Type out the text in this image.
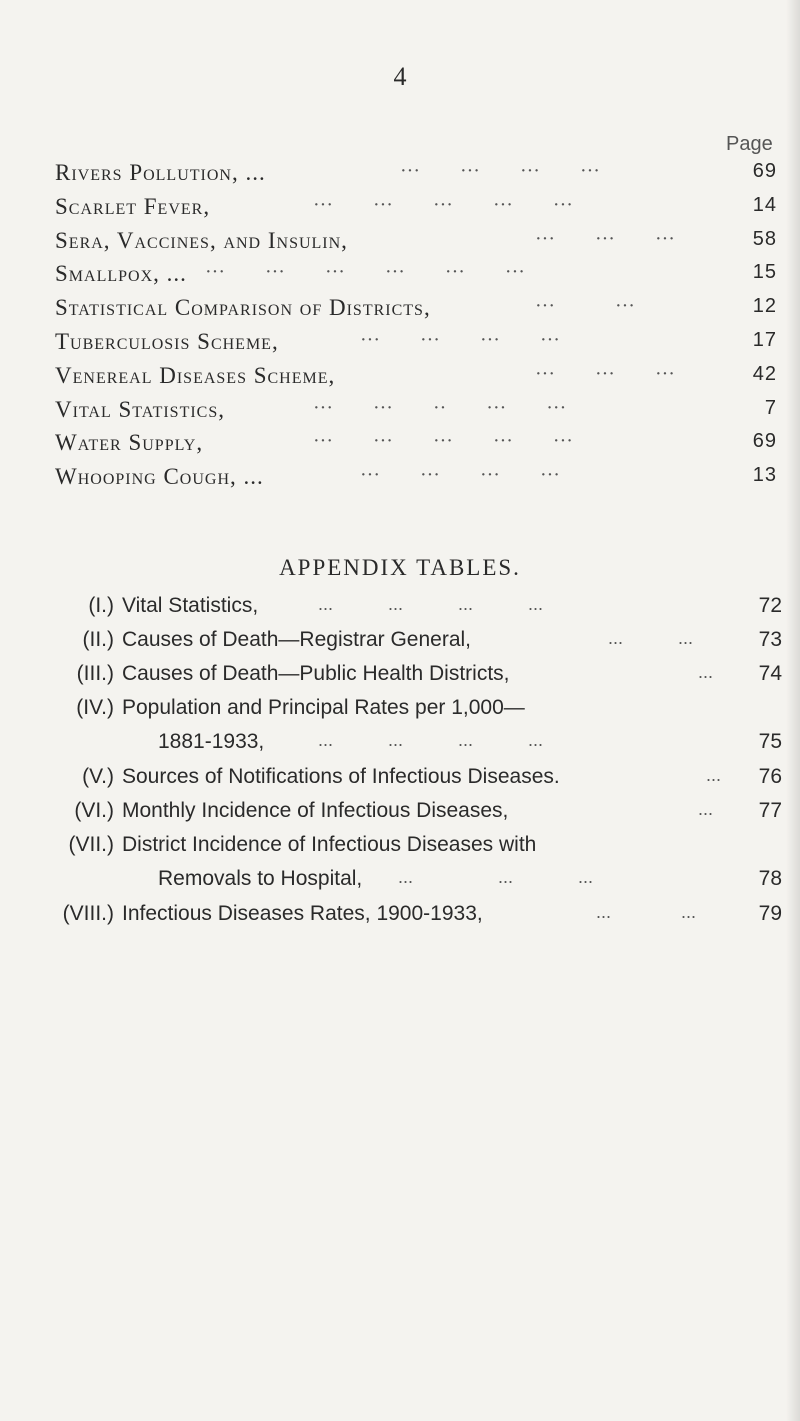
4
Page
Rivers Pollution, ...	···        ···        ···        ···	69
Scarlet Fever,	···        ···        ···        ···        ···	14
Sera, Vaccines, and Insulin,	···        ···        ···	58
Smallpox, ... ···        ···        ···        ···        ···        ···	15
Statistical Comparison of Districts,	···            ···	12
Tuberculosis Scheme,	···        ···        ···        ···	17
Venereal Diseases Scheme,	···        ···        ···	42
Vital Statistics,	···        ···        ··        ···        ···	7
Water Supply,	···        ···        ···        ···        ···	69
Whooping Cough, ...	···        ···        ···        ···	13
APPENDIX TABLES.
(I.) Vital Statistics,	...           ...           ...           ...	72
(II.) Causes of Death—Registrar General,	...           ...	73
(III.) Causes of Death—Public Health Districts,	... 74
(IV.) Population and Principal Rates per 1,000—
1881-1933,	...           ...           ...           ...	75
(V.) Sources of Notifications of Infectious Diseases.	... 76
(VI.) Monthly Incidence of Infectious Diseases,	... 77
(VII.) District Incidence of Infectious Diseases with
Removals to Hospital, ...                 ...             ...	78
(VIII.) Infectious Diseases Rates, 1900-1933,	...              ...	79
